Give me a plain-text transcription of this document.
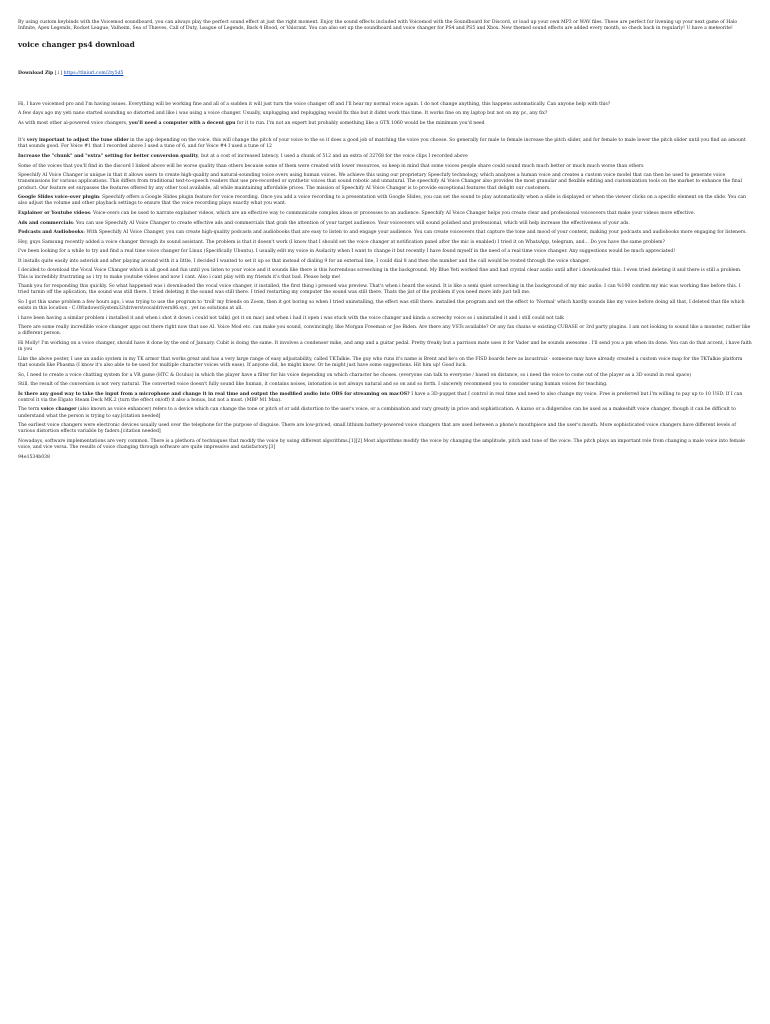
By using custom keybinds with the Voicemod soundboard, you can always play the perfect sound effect at just the right moment. Enjoy the sound effects included with Voicemod with the Soundboard for Discord, or load up your own MP3 or WAV files. These are perfect for livening up your next game of Halo Infinite, Apex Legends, Rocket League, Valheim, Sea of Thieves, Call of Duty, League of Legends, Back 4 Blood, or Valorant. You can also set up the soundboard and voice changer for PS4 and PS5 and Xbox. New themed sound effects are added every month, so check back in regularly! U have a meteorite!

voice changer ps4 download

Download Zip [↓] https://tlniurl.com/2ty5d5

Hi, I have voicemod pro and I'm having issues. Everything will be working fine and all of a sudden it will just turn the voice changer off and I'll hear my normal voice again. I do not change anything, this happens automatically. Can anyone help with this?

A few days ago my yeti nano started sounding so distorted and like i was using a voice changer. Usually, unplugging and replugging would fix this but it didnt work this time. It works fine on my laptop but not on my pc, any fix?

As with most other ai-powered voice changers, you'll need a computer with a decent gpu for it to run. I'm not an expert but probably something like a GTX 1060 would be the minimum you'd need

It's very important to adjust the tune slider in the app depending on the voice, this will change the pitch of your voice to the so it does a good job of matching the voice you choose. So generally for male to female increase the pitch slider, and for female to male lower the pitch slider until you find an amount that sounds good. For Voice #1 that I recorded above I used a tune of 6, and for Voice #4 I used a tune of 12

Increase the "chunk" and "extra" setting for better conversion quality, but at a cost of increased latency. I used a chunk of 512 and an extra of 32768 for the voice clips I recorded above

Some of the voices that you'll find in the discord I linked above will be worse quality than others because some of them were created with lower resources, so keep in mind that some voices people share could sound much much better or much much worse than others

Speechify AI Voice Changer is unique in that it allows users to create high-quality and natural-sounding voice overs using human voices. We achieve this using our proprietary Speechify technology, which analyzes a human voice and creates a custom voice model that can then be used to generate voice transmissions for various applications. This differs from traditional text-to-speech readers that use pre-recorded or synthetic voices that sound robotic and unnatural. The speechify AI Voice Changer also provides the most granular and flexible editing and customization tools on the market to enhance the final product. Our feature set surpasses the features offered by any other tool available, all while maintaining affordable prices. The mission of Speechify AI Voice Changer is to provide exceptional features that delight our customers.

Google Slides voice-over plugin: Speechify offers a Google Slides plugin feature for voice recording. Once you add a voice recording to a presentation with Google Slides, you can set the sound to play automatically when a slide is displayed or when the viewer clicks on a specific element on the slide. You can also adjust the volume and other playback settings to ensure that the voice recording plays exactly what you want.

Explainer or Youtube videos: Voice-overs can be used to narrate explainer videos, which are an effective way to communicate complex ideas or processes to an audience. Speechify AI Voice Changer helps you create clear and professional voiceovers that make your videos more effective.

Ads and commercials: You can use Speechify AI Voice Changer to create effective ads and commercials that grab the attention of your target audience. Your voiceovers will sound polished and professional, which will help increase the effectiveness of your ads.

Podcasts and Audiobooks: With Speechify AI Voice Changer, you can create high-quality podcasts and audiobooks that are easy to listen to and engage your audience. You can create voiceovers that capture the tone and mood of your content, making your podcasts and audiobooks more engaging for listeners.

Hey, guys Samsung recently added a voice changer through its sound assistant. The problem is that it doesn't work (I know that I should set the voice changer at notification panel after the mic is enabled) I tried it on WhatsApp, telegram, and... Do you have the same problem?

I've been looking for a while to try and find a real time voice changer for Linux (Specifically Ubuntu). I usually edit my voice in Audacity when I want to change it but recently I have found myself in the need of a real time voice changer. Any suggestions would be much appreciated!

It installs quite easily into asterisk and after playing around with it a little, I decided I wanted to set it up so that instead of dialing 9 for an external line, I could dial 8 and then the number and the call would be routed through the voice changer.

I decided to download the Vocal Voice Changer which is all good and fun until you listen to your voice and it sounds like there is this horrendous screeching in the background. My Blue Yeti worked fine and had crystal clear audio until after i downloaded this. I even tried deleting it and there is still a problem. This is incredibly frustrating as i try to make youtube videos and now I cant. Also i cant play with my friends it's that bad. Please help me!

Thank you for responding this quickly. So what happened was i downloaded the vocal voice changer, it installed, the first thing i pressed was preview. That's when i heard the sound. It is like a semi quiet screeching in the background of my mic audio. I can %100 confirm my mic was working fine before this. I tried turnin off the aplication, the sound was still there. I tried deleting it the sound was still there. I tried restarting my computer the sound was still there. Thats the jist of the problem if you need more info just tell me.

So I got this same problem a few hours ago, i was trying to use the program to 'troll' my friends on Zoom, then it got boring so when I tried uninstalling, the effect was still there. installed the program and set the effect to 'Normal' which hardly sounds like my voice before doing all that, I deleted that file which exists in this location - C:\Windows\System32\drivers\vocaldriverx86.sys , yet no solutions at all.

i have been having a similar problem i installed it and when i shot it down i could not talk(i got it on mac) and when i had it open i was stuck with the voice changer and kinda a screechy voice so i uninstalled it and i still could not talk

There are some really incredible voice changer apps out there right now that use AI. Voice Mod etc. can make you sound, convincingly, like Morgan Freeman or Joe Biden. Are there any VSTs available? Or any fax chains w existing CUBASE or 3rd party plugins. I am not looking to sound like a monster, rather like a different person.

Hi Molly! I'm working on a voice changer, should have it done by the end of January. Cubit is doing the same. It involves a condenser mike, and amp and a guitar pedal. Pretty freaky but a parrison mate uses it for Vader and he sounds awesome . I'll send you a pm when its done. You can do that accent, i have faith in you

Like the above poster, I use an audio system in my TK armor that works great and has a very large range of easy adjustability, called TKTalkie. The guy who runs it's name is Brent and he's on the FISD boards here as lacustruiz - someone may have already created a custom voice map for the TKTalkie platform that sounds like Phasma (I know it's also able to be used for multiple character voices with ease). If anyone did, he might know. Or he might just have some suggestions. Hit him up! Good luck.

So, I need to create a voice chatting system for a VR game (HTC & Oculus) in which the player have a filter for his voice depending on which character he choses. (everyone can talk to everyone / based on distance, so i need the voice to come out of the player as a 3D sound in real space)

Still, the result of the conversion is not very natural. The converted voice doesn't fully sound like human, it contains noises, intonation is not always natural and so on and so forth. I sincerely recommend you to consider using human voices for teaching.

Is there any good way to take the input from a microphone and change it in real time and output the modified audio into OBS for streaming on macOS? I have a 3D-puppet that I control in real time and need to also change my voice. Free is preferred but I'm willing to pay up to 10 USD. If I can control it via the Elgato Steam Deck MK.2 (turn the effect on/off) it also a bonus, but not a must. (MBP M1 Max).

The term voice changer (also known as voice enhancer) refers to a device which can change the tone or pitch of or add distortion to the user's voice, or a combination and vary greatly in price and sophistication. A kazoo or a didgeridoo can be used as a makeshift voice changer, though it can be difficult to understand what the person is trying to say.[citation needed]

The earliest voice changers were electronic devices usually used over the telephone for the purpose of disguise. There are low-priced, small lithium battery-powered voice changers that are used between a phone's mouthpiece and the user's mouth. More sophisticated voice changers have different levels of various distortion effects variable by faders.[citation needed]

Nowadays, software implementations are very common. There is a plethora of techniques that modify the voice by using different algorithms.[1][2] Most algorithms modify the voice by changing the amplitude, pitch and tone of the voice. The pitch plays an important role from changing a male voice into female voice, and vice versa. The results of voice changing through software are quite impressive and satisfactory.[3]

94e1534b038
